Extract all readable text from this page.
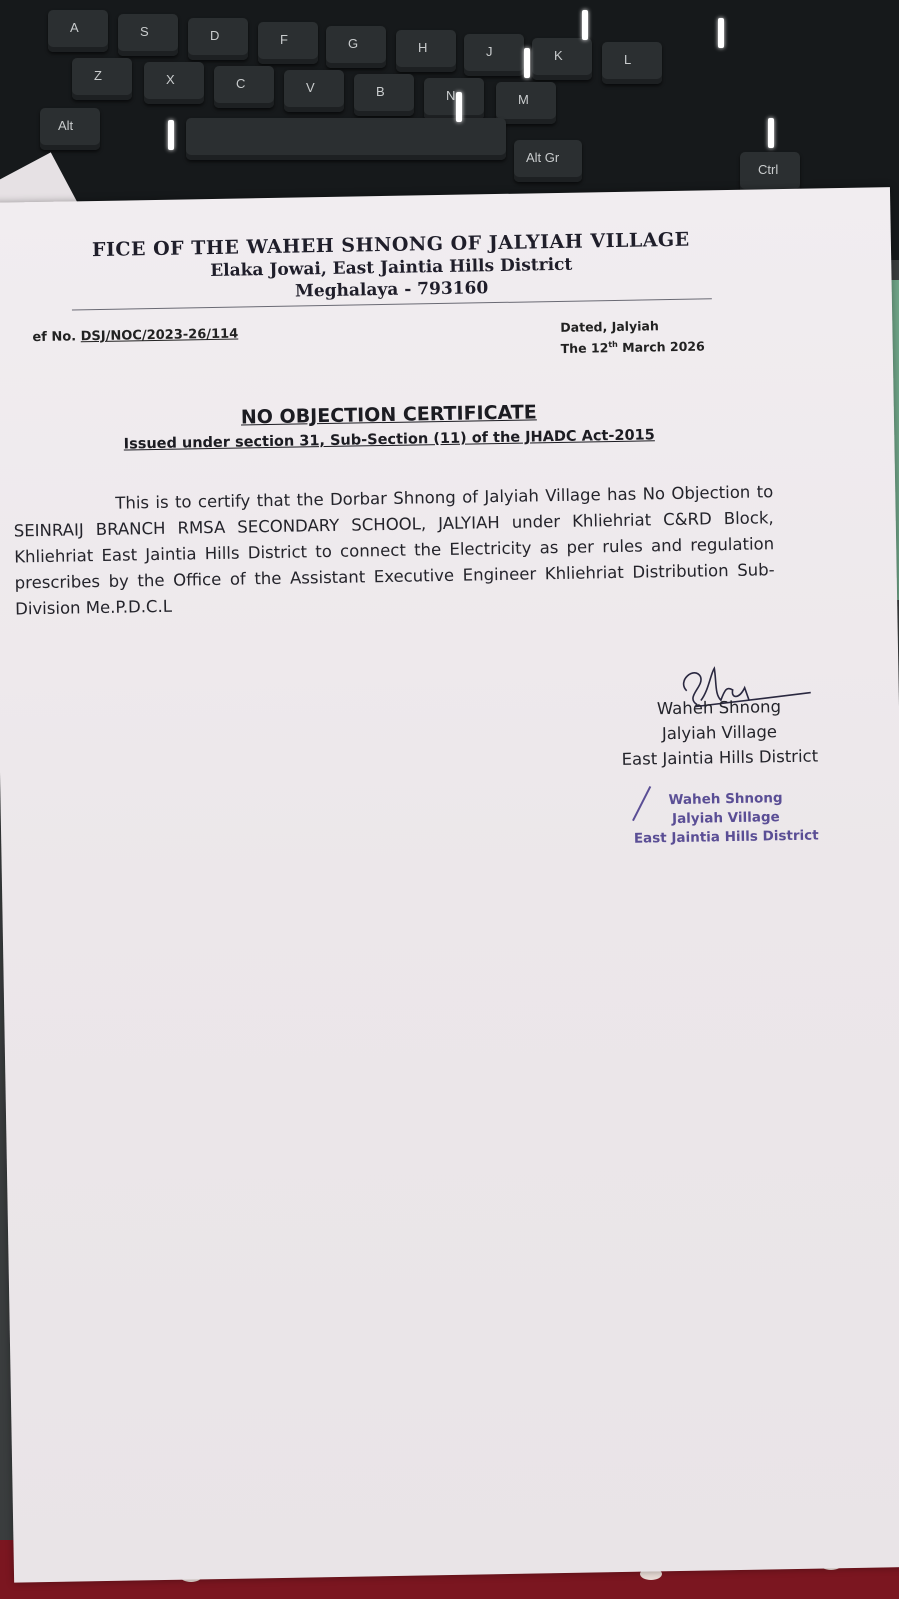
A	S	D	F	G	H	J	K	L
Z	X	C	V	B	N	M
Alt
Alt Gr
Ctrl
FICE OF THE WAHEH SHNONG OF JALYIAH VILLAGE
Elaka Jowai, East Jaintia Hills District
Meghalaya - 793160
ef No. DSJ/NOC/2023-26/114	Dated, Jalyiah
The 12th March 2026
NO OBJECTION CERTIFICATE
Issued under section 31, Sub-Section (11) of the JHADC Act-2015
This is to certify that the Dorbar Shnong of Jalyiah Village has No Objection to SEINRAIJ BRANCH RMSA SECONDARY SCHOOL, JALYIAH under Khliehriat C&RD Block, Khliehriat East Jaintia Hills District to connect the Electricity as per rules and regulation prescribes by the Office of the Assistant Executive Engineer Khliehriat Distribution Sub-Division Me.P.D.C.L
Waheh Shnong
Jalyiah Village
East Jaintia Hills District
Waheh Shnong
Jalyiah Village
East Jaintia Hills District
